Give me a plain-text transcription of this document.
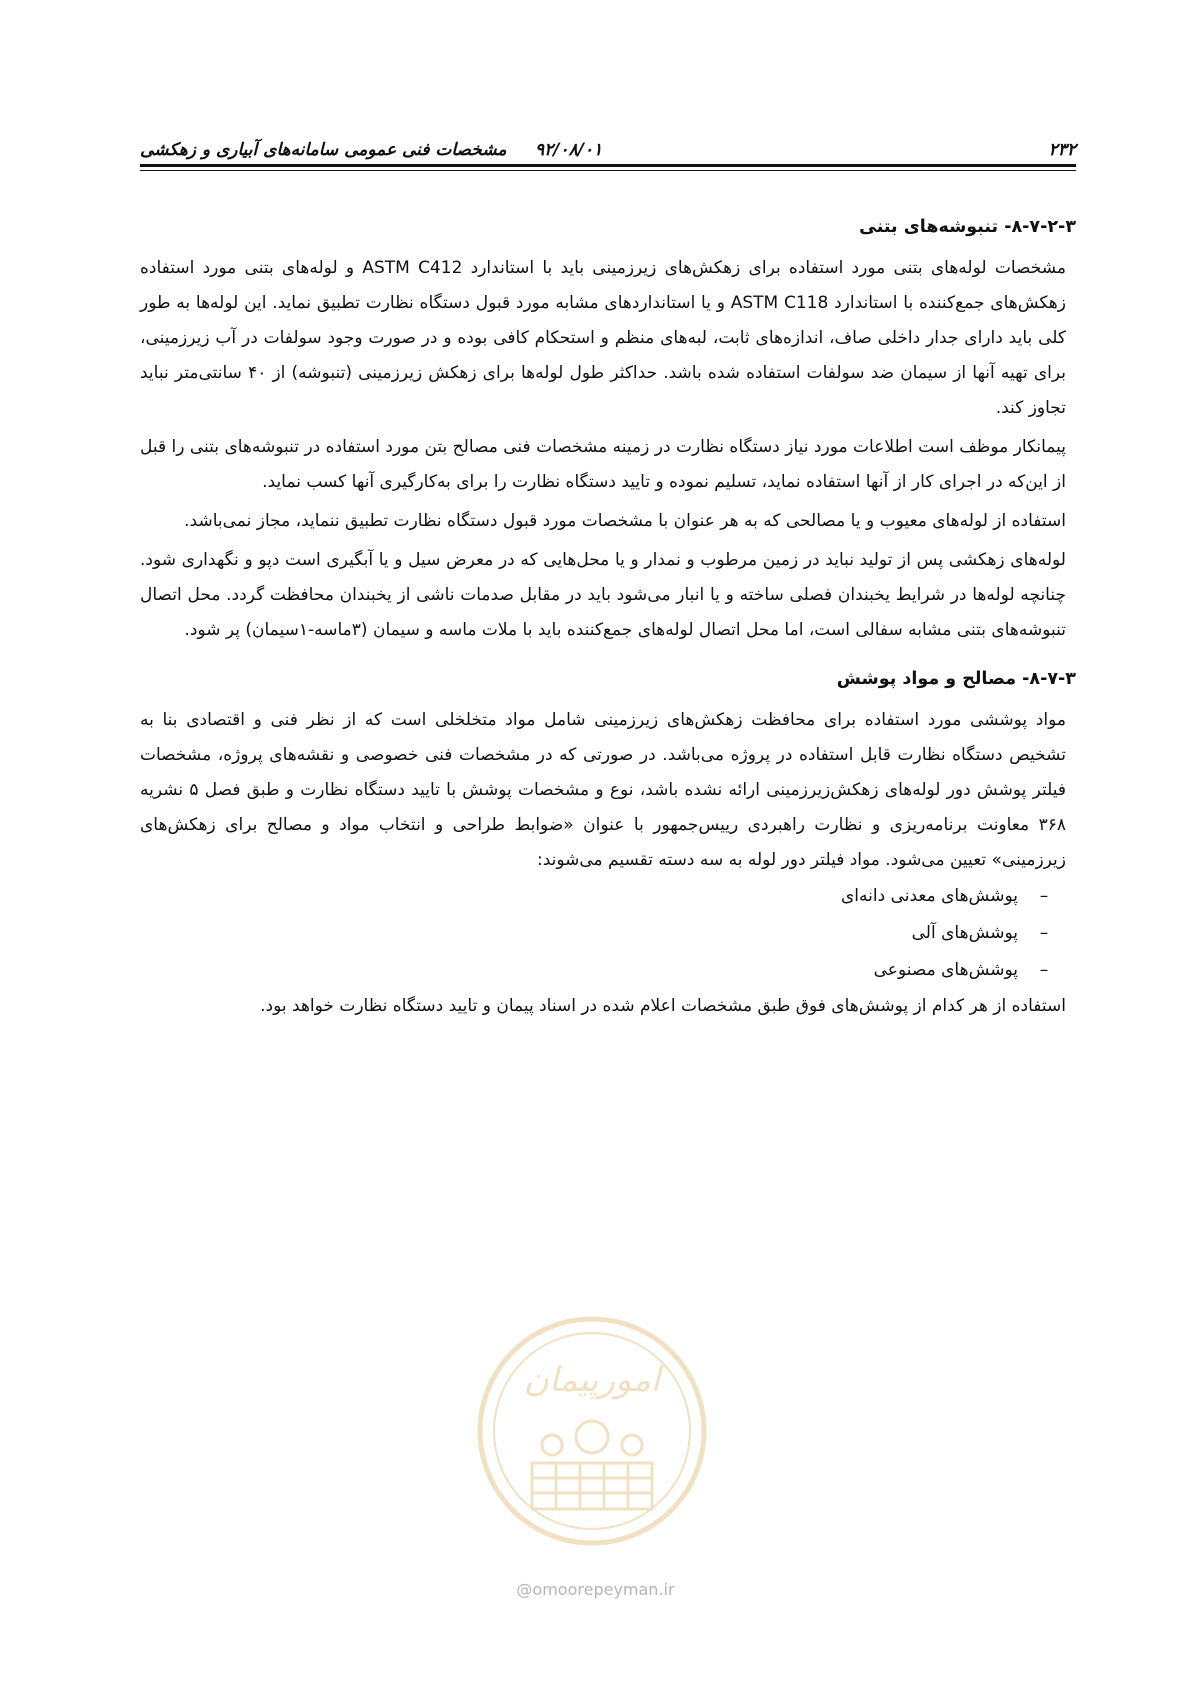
۲۳۲
۹۲/۰۸/۰۱
مشخصات فنی عمومی سامانه‌های آبیاری و زهکشی
۸-۷-۲-۳- تنبوشه‌های بتنی

مشخصات لوله‌های بتنی مورد استفاده برای زهکش‌های زیرزمینی باید با استاندارد ASTM C412 و لوله‌های بتنی مورد استفاده زهکش‌های جمع‌کننده با استاندارد ASTM C118 و یا استانداردهای مشابه مورد قبول دستگاه نظارت تطبیق نماید. این لوله‌ها به طور کلی باید دارای جدار داخلی صاف، اندازه‌های ثابت، لبه‌های منظم و استحکام کافی بوده و در صورت وجود سولفات در آب زیرزمینی، برای تهیه آنها از سیمان ضد سولفات استفاده شده باشد. حداکثر طول لوله‌ها برای زهکش زیرزمینی (تنبوشه) از ۴۰ سانتی‌متر نباید تجاوز کند.

پیمانکار موظف است اطلاعات مورد نیاز دستگاه نظارت در زمینه مشخصات فنی مصالح بتن مورد استفاده در تنبوشه‌های بتنی را قبل از این‌که در اجرای کار از آنها استفاده نماید، تسلیم نموده و تایید دستگاه نظارت را برای به‌کارگیری آنها کسب نماید.

استفاده از لوله‌های معیوب و یا مصالحی که به هر عنوان با مشخصات مورد قبول دستگاه نظارت تطبیق ننماید، مجاز نمی‌باشد.

لوله‌های زهکشی پس از تولید نباید در زمین مرطوب و نمدار و یا محل‌هایی که در معرض سیل و یا آبگیری است دپو و نگهداری شود. چنانچه لوله‌ها در شرایط یخبندان فصلی ساخته و یا انبار می‌شود باید در مقابل صدمات ناشی از یخبندان محافظت گردد. محل اتصال تنبوشه‌های بتنی مشابه سفالی است، اما محل اتصال لوله‌های جمع‌کننده باید با ملات ماسه و سیمان (۳ماسه-۱سیمان) پر شود.

۸-۷-۳- مصالح و مواد پوشش

مواد پوششی مورد استفاده برای محافظت زهکش‌های زیرزمینی شامل مواد متخلخلی است که از نظر فنی و اقتصادی بنا به تشخیص دستگاه نظارت قابل استفاده در پروژه می‌باشد. در صورتی که در مشخصات فنی خصوصی و نقشه‌های پروژه، مشخصات فیلتر پوشش دور لوله‌های زهکش‌زیرزمینی ارائه نشده باشد، نوع و مشخصات پوشش با تایید دستگاه نظارت و طبق فصل ۵ نشریه ۳۶۸ معاونت برنامه‌ریزی و نظارت راهبردی رییس‌جمهور با عنوان «ضوابط طراحی و انتخاب مواد و مصالح برای زهکش‌های زیرزمینی» تعیین می‌شود. مواد فیلتر دور لوله به سه دسته تقسیم می‌شوند:

–
پوشش‌های معدنی دانه‌ای
–
پوشش‌های آلی
–
پوشش‌های مصنوعی

استفاده از هر کدام از پوشش‌های فوق طبق مشخصات اعلام شده در اسناد پیمان و تایید دستگاه نظارت خواهد بود.

امورپیمان
@omoorepeyman.ir
